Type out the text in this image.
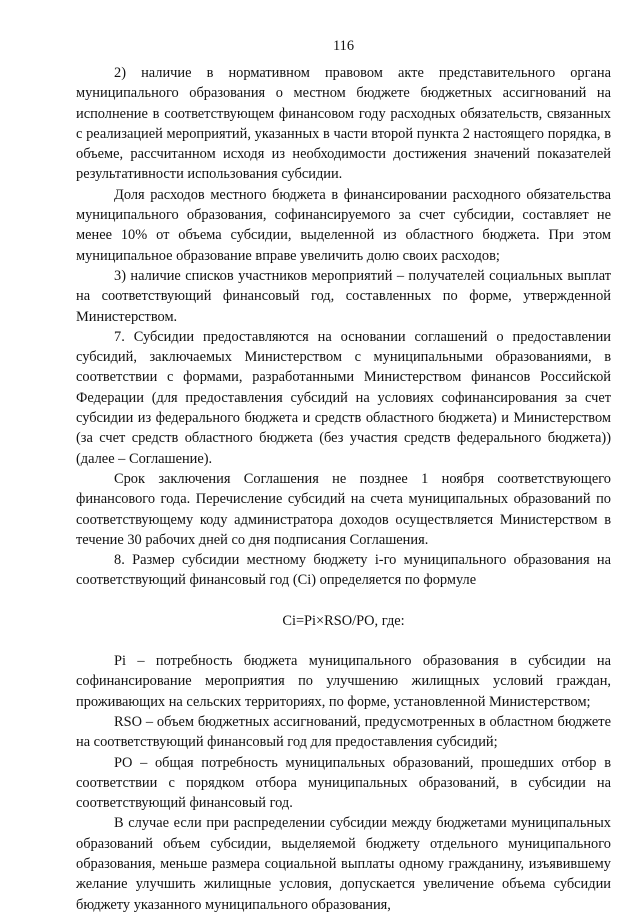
116

2) наличие в нормативном правовом акте представительного органа муниципального образования о местном бюджете бюджетных ассигнований на исполнение в соответствующем финансовом году расходных обязательств, связанных с реализацией мероприятий, указанных в части второй пункта 2 настоящего порядка, в объеме, рассчитанном исходя из необходимости достижения значений показателей результативности использования субсидии.

Доля расходов местного бюджета в финансировании расходного обязательства муниципального образования, софинансируемого за счет субсидии, составляет не менее 10% от объема субсидии, выделенной из областного бюджета. При этом муниципальное образование вправе увеличить долю своих расходов;

3) наличие списков участников мероприятий – получателей социальных выплат на соответствующий финансовый год, составленных по форме, утвержденной Министерством.

7. Субсидии предоставляются на основании соглашений о предоставлении субсидий, заключаемых Министерством с муниципальными образованиями, в соответствии с формами, разработанными Министерством финансов Российской Федерации (для предоставления субсидий на условиях софинансирования за счет субсидии из федерального бюджета и средств областного бюджета) и Министерством (за счет средств областного бюджета (без участия средств федерального бюджета)) (далее – Соглашение).

Срок заключения Соглашения не позднее 1 ноября соответствующего финансового года. Перечисление субсидий на счета муниципальных образований по соответствующему коду администратора доходов осуществляется Министерством в течение 30 рабочих дней со дня подписания Соглашения.

8. Размер субсидии местному бюджету i-го муниципального образования на соответствующий финансовый год (Сi) определяется по формуле

Сi=Pi×RSO/PO, где:

Pi – потребность бюджета муниципального образования в субсидии на софинансирование мероприятия по улучшению жилищных условий граждан, проживающих на сельских территориях, по форме, установленной Министерством;

RSO – объем бюджетных ассигнований, предусмотренных в областном бюджете на соответствующий финансовый год для предоставления субсидий;

PO – общая потребность муниципальных образований, прошедших отбор в соответствии с порядком отбора муниципальных образований, в субсидии на соответствующий финансовый год.

В случае если при распределении субсидии между бюджетами муниципальных образований объем субсидии, выделяемой бюджету отдельного муниципального образования, меньше размера социальной выплаты одному гражданину, изъявившему желание улучшить жилищные условия, допускается увеличение объема субсидии бюджету указанного муниципального образования,
